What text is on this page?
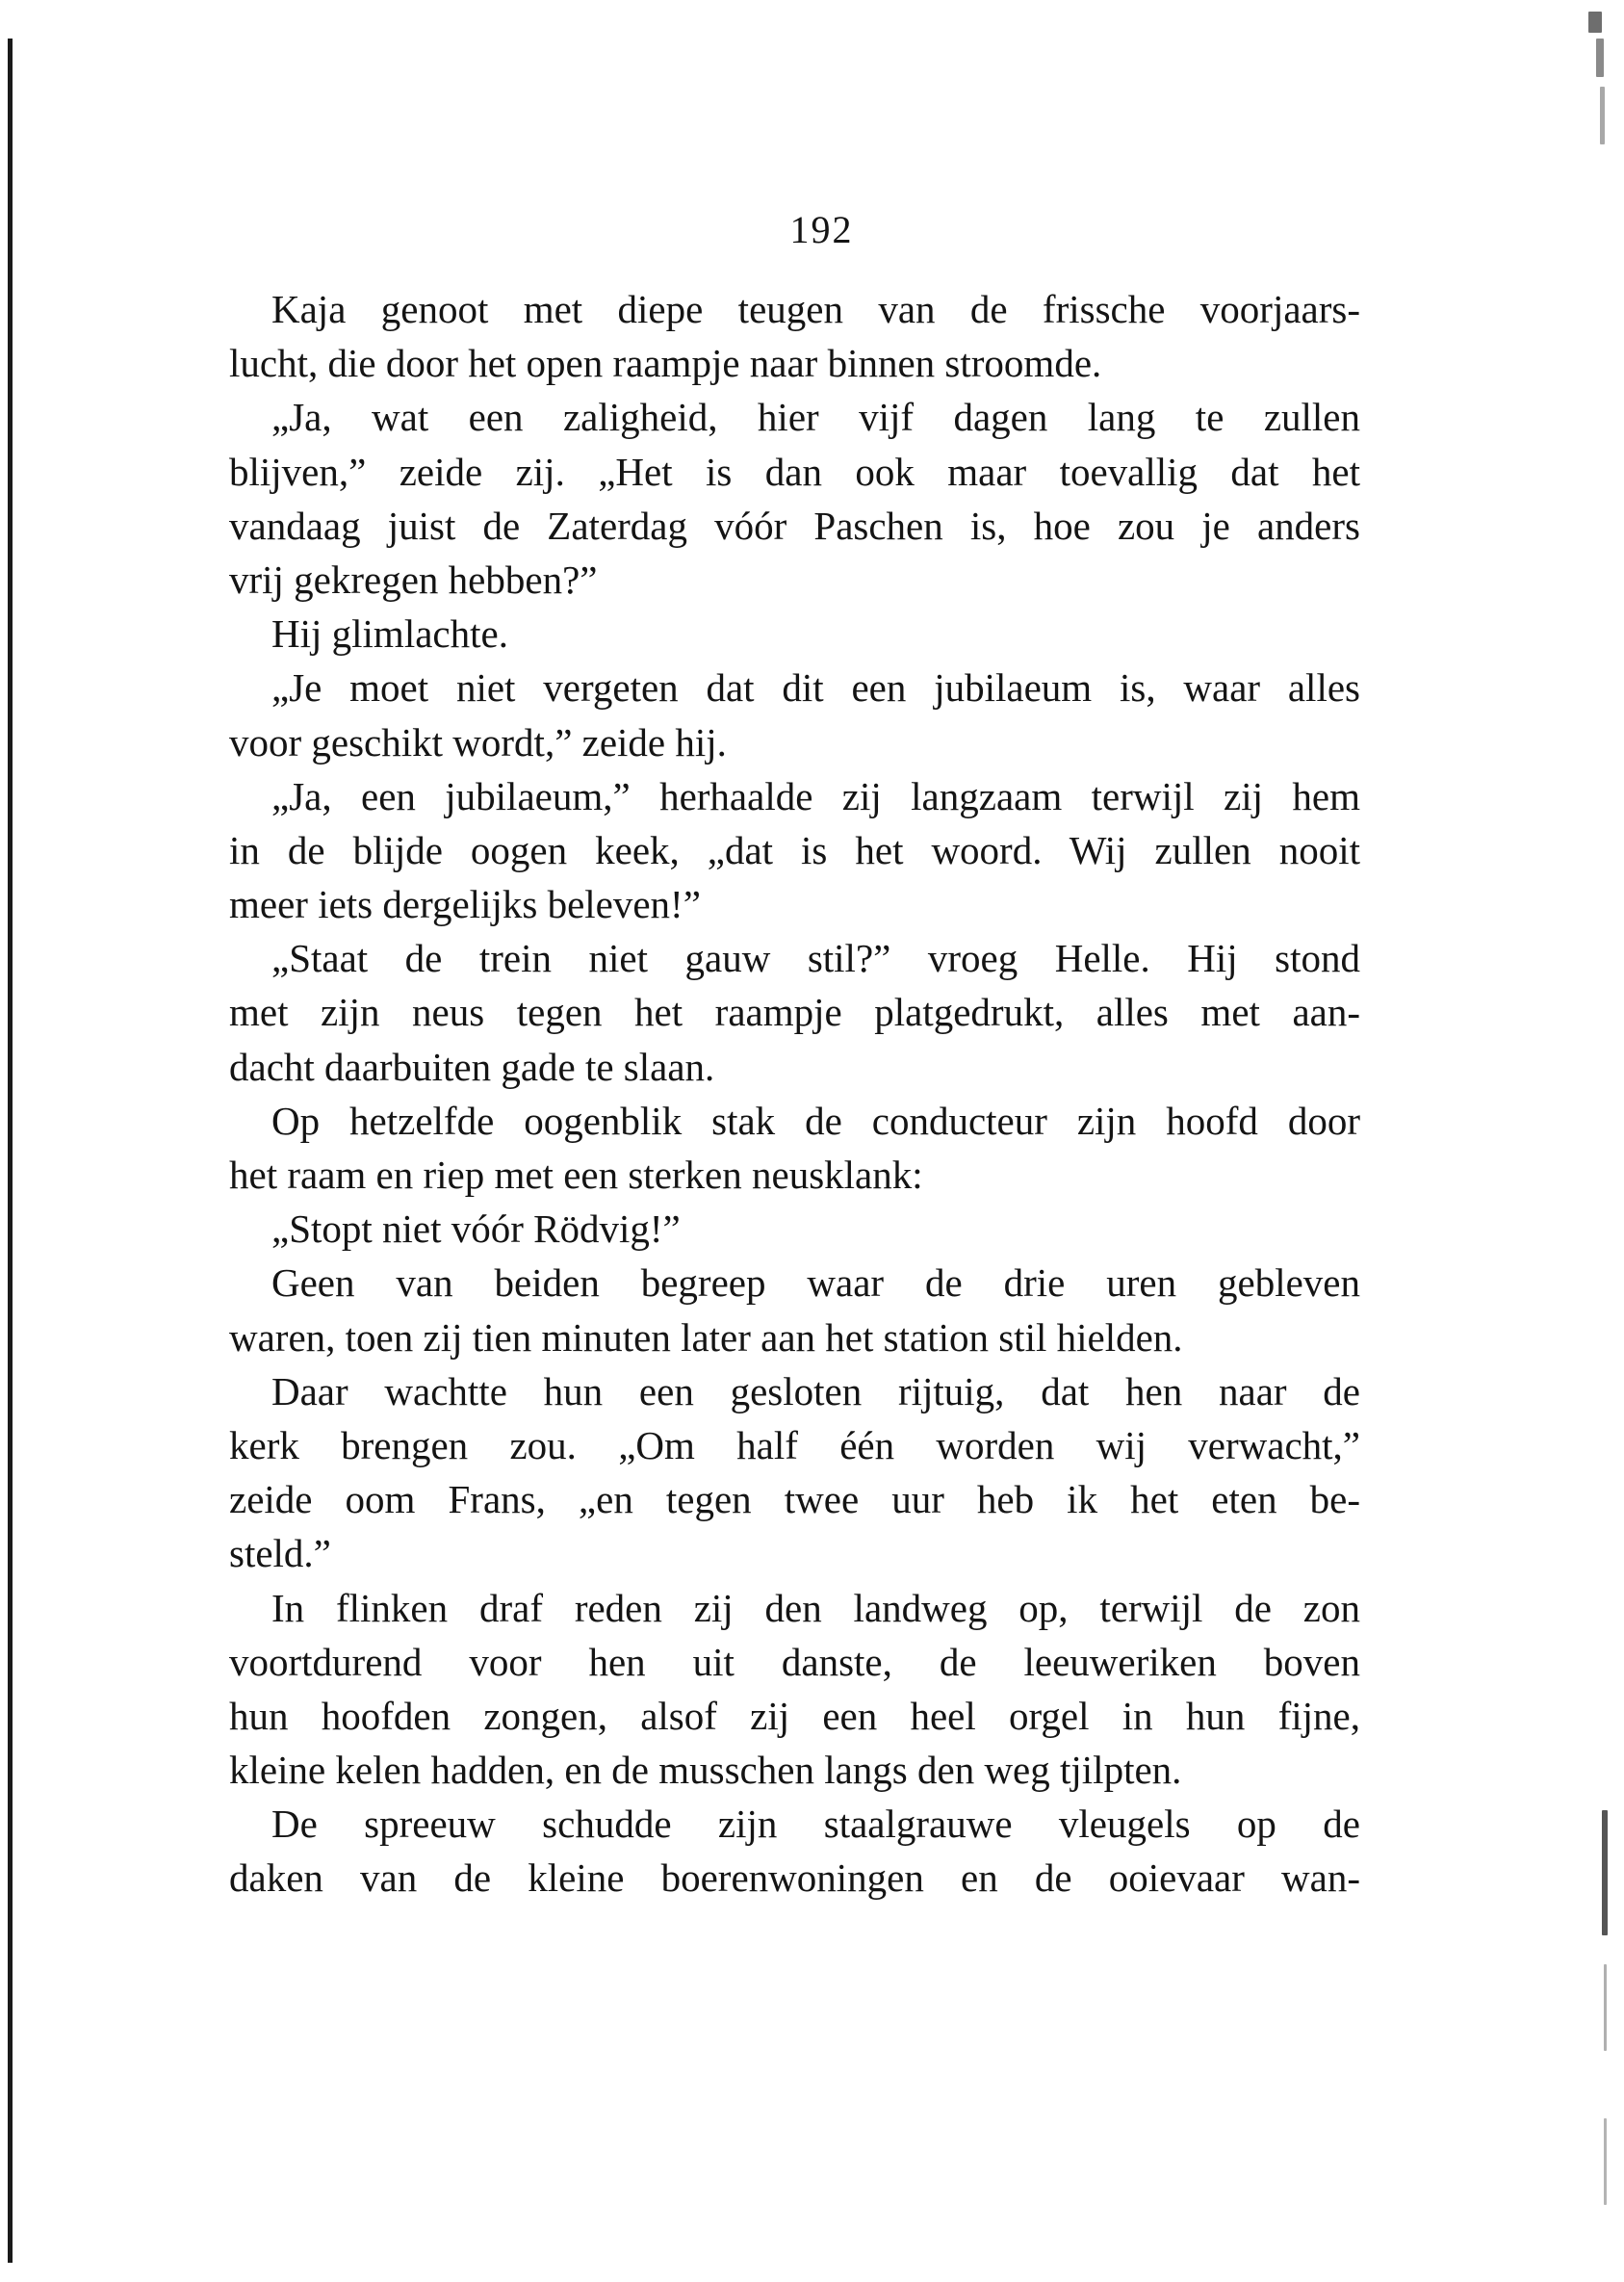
192
Kaja genoot met diepe teugen van de frissche voorjaars-
lucht, die door het open raampje naar binnen stroomde.
„Ja, wat een zaligheid, hier vijf dagen lang te zullen
blijven,” zeide zij. „Het is dan ook maar toevallig dat het
vandaag juist de Zaterdag vóór Paschen is, hoe zou je anders
vrij gekregen hebben?”
Hij glimlachte.
„Je moet niet vergeten dat dit een jubilaeum is, waar alles
voor geschikt wordt,” zeide hij.
„Ja, een jubilaeum,” herhaalde zij langzaam terwijl zij hem
in de blijde oogen keek, „dat is het woord. Wij zullen nooit
meer iets dergelijks beleven!”
„Staat de trein niet gauw stil?” vroeg Helle. Hij stond
met zijn neus tegen het raampje platgedrukt, alles met aan-
dacht daarbuiten gade te slaan.
Op hetzelfde oogenblik stak de conducteur zijn hoofd door
het raam en riep met een sterken neusklank:
„Stopt niet vóór Rödvig!”
Geen van beiden begreep waar de drie uren gebleven
waren, toen zij tien minuten later aan het station stil hielden.
Daar wachtte hun een gesloten rijtuig, dat hen naar de
kerk brengen zou. „Om half één worden wij verwacht,”
zeide oom Frans, „en tegen twee uur heb ik het eten be-
steld.”
In flinken draf reden zij den landweg op, terwijl de zon
voortdurend voor hen uit danste, de leeuweriken boven
hun hoofden zongen, alsof zij een heel orgel in hun fijne,
kleine kelen hadden, en de musschen langs den weg tjilpten.
De spreeuw schudde zijn staalgrauwe vleugels op de
daken van de kleine boerenwoningen en de ooievaar wan-
